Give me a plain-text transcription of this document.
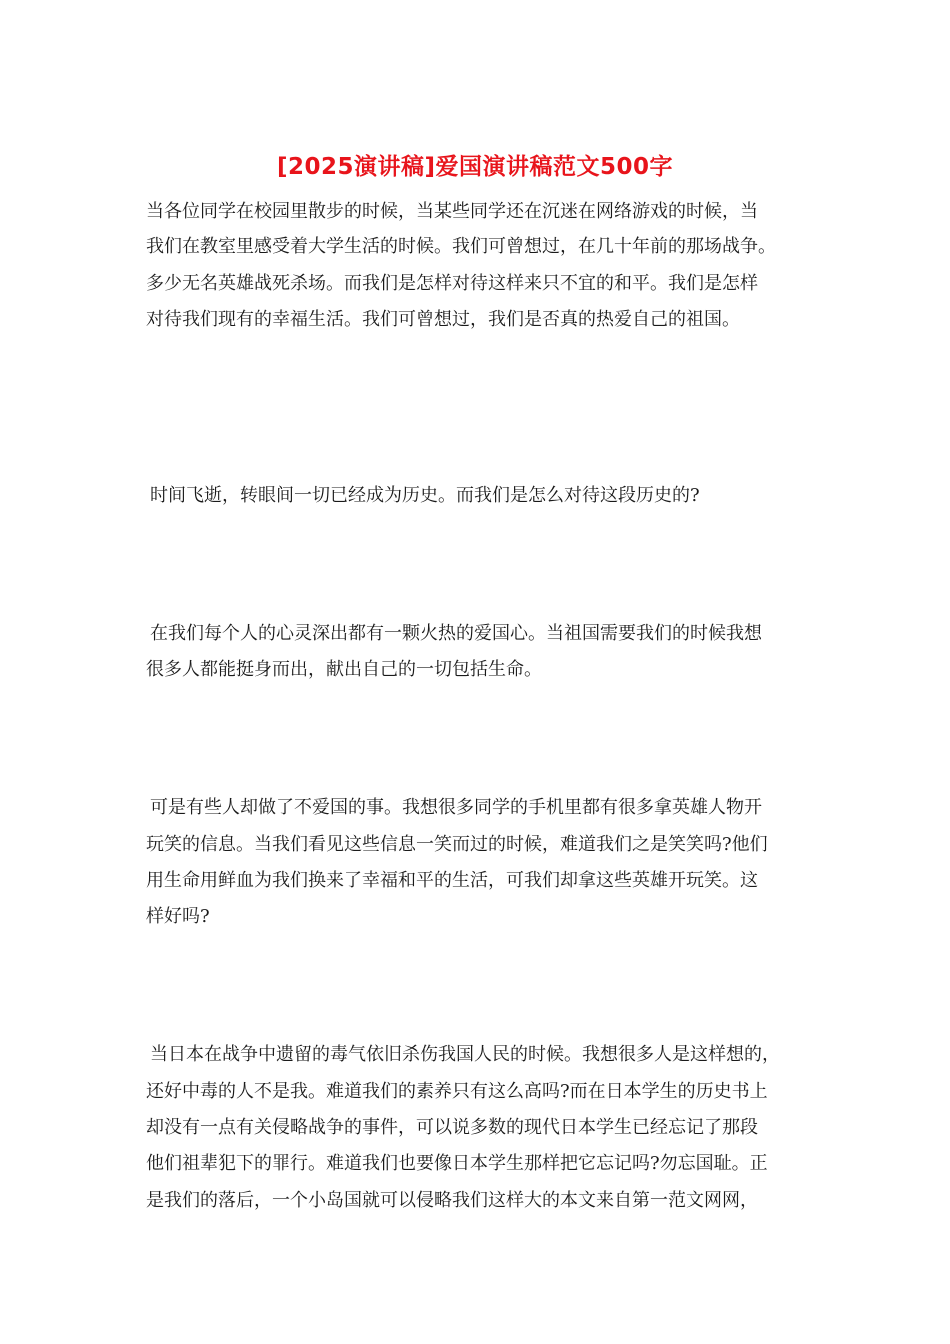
[2025演讲稿]爱国演讲稿范文500字
当各位同学在校园里散步的时候，当某些同学还在沉迷在网络游戏的时候，当
我们在教室里感受着大学生活的时候。我们可曾想过，在几十年前的那场战争。
多少无名英雄战死杀场。而我们是怎样对待这样来只不宜的和平。我们是怎样
对待我们现有的幸福生活。我们可曾想过，我们是否真的热爱自己的祖国。
时间飞逝，转眼间一切已经成为历史。而我们是怎么对待这段历史的?
在我们每个人的心灵深出都有一颗火热的爱国心。当祖国需要我们的时候我想
很多人都能挺身而出，献出自己的一切包括生命。
可是有些人却做了不爱国的事。我想很多同学的手机里都有很多拿英雄人物开
玩笑的信息。当我们看见这些信息一笑而过的时候，难道我们之是笑笑吗?他们
用生命用鲜血为我们换来了幸福和平的生活，可我们却拿这些英雄开玩笑。这
样好吗?
当日本在战争中遗留的毒气依旧杀伤我国人民的时候。我想很多人是这样想的，
还好中毒的人不是我。难道我们的素养只有这么高吗?而在日本学生的历史书上
却没有一点有关侵略战争的事件，可以说多数的现代日本学生已经忘记了那段
他们祖辈犯下的罪行。难道我们也要像日本学生那样把它忘记吗?勿忘国耻。正
是我们的落后，一个小岛国就可以侵略我们这样大的本文来自第一范文网网，
